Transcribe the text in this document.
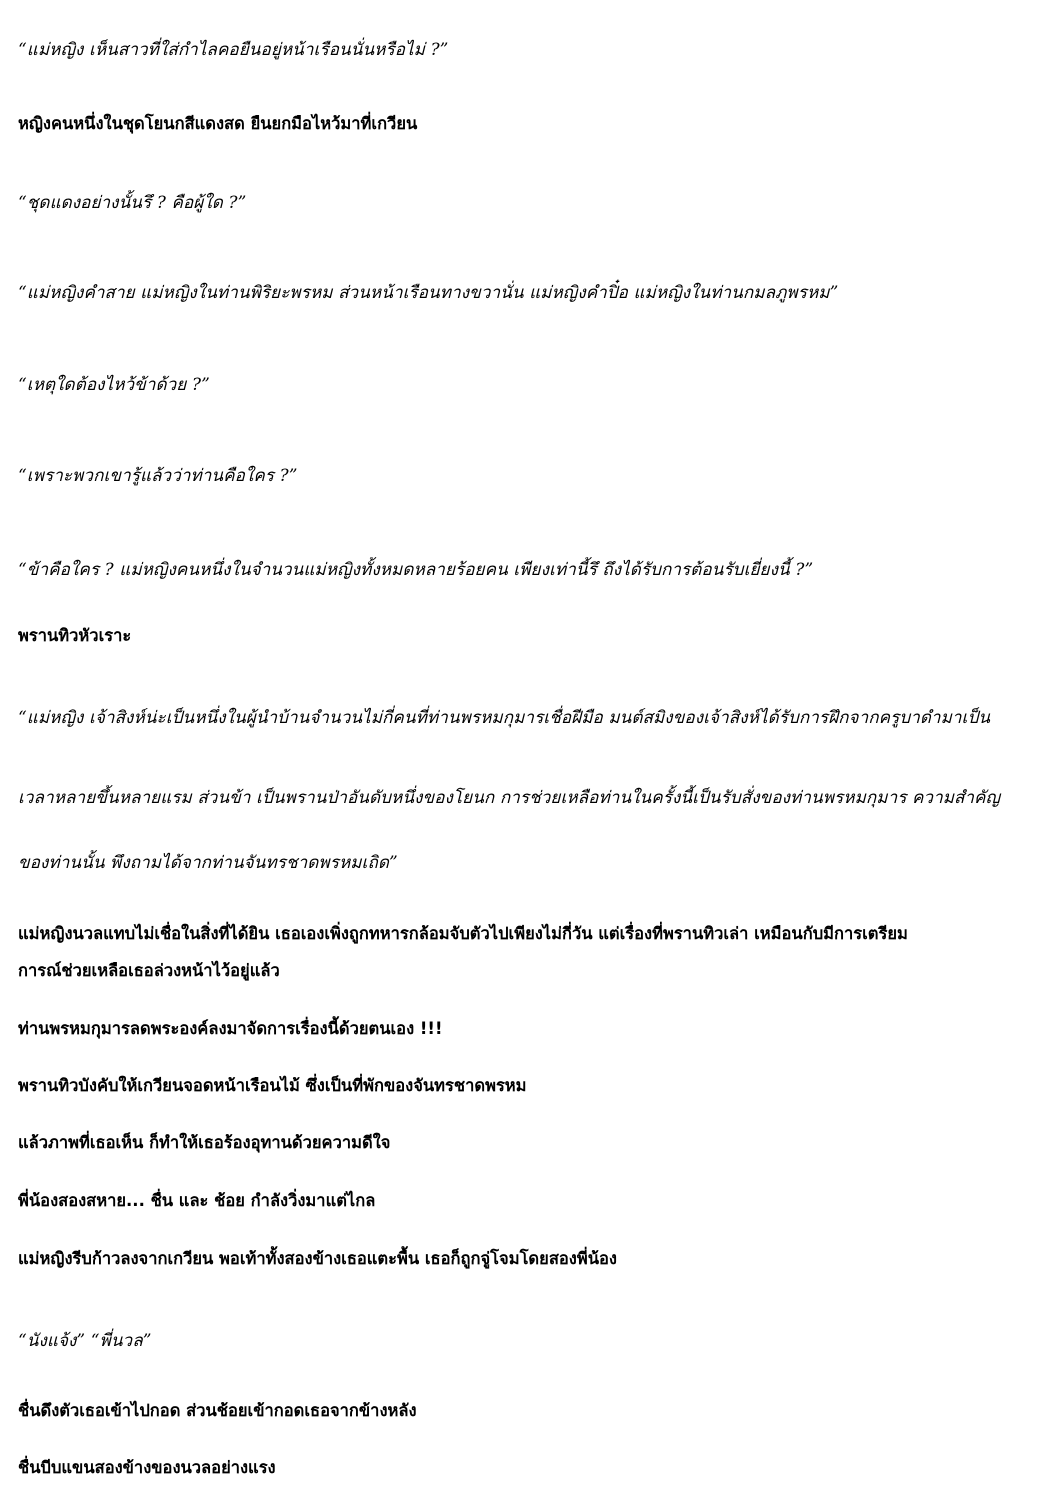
“แม่หญิง เห็นสาวที่ใส่กำไลคอยืนอยู่หน้าเรือนนั่นหรือไม่ ?”
หญิงคนหนึ่งในชุดโยนกสีแดงสด ยืนยกมือไหว้มาที่เกวียน
“ชุดแดงอย่างนั้นรึ ? คือผู้ใด ?”
“แม่หญิงคำสาย แม่หญิงในท่านพิริยะพรหม ส่วนหน้าเรือนทางขวานั่น แม่หญิงคำปิ๋อ แม่หญิงในท่านกมลภูพรหม”
“เหตุใดต้องไหว้ข้าด้วย ?”
“เพราะพวกเขารู้แล้วว่าท่านคือใคร ?”
“ข้าคือใคร ? แม่หญิงคนหนึ่งในจำนวนแม่หญิงทั้งหมดหลายร้อยคน เพียงเท่านี้รึ ถึงได้รับการต้อนรับเยี่ยงนี้ ?”
พรานทิวหัวเราะ
“แม่หญิง เจ้าสิงห์น่ะเป็นหนึ่งในผู้นำบ้านจำนวนไม่กี่คนที่ท่านพรหมกุมารเชื่อฝีมือ มนต์สมิงของเจ้าสิงห์ได้รับการฝึกจากครูบาดำมาเป็น
เวลาหลายขึ้นหลายแรม ส่วนข้า เป็นพรานป่าอันดับหนึ่งของโยนก การช่วยเหลือท่านในครั้งนี้เป็นรับสั่งของท่านพรหมกุมาร ความสำคัญ
ของท่านนั้น พึงถามได้จากท่านจันทรชาดพรหมเถิด”
แม่หญิงนวลแทบไม่เชื่อในสิ่งที่ได้ยิน เธอเองเพิ่งถูกทหารกล้อมจับตัวไปเพียงไม่กี่วัน แต่เรื่องที่พรานทิวเล่า เหมือนกับมีการเตรียม
การณ์ช่วยเหลือเธอล่วงหน้าไว้อยู่แล้ว
ท่านพรหมกุมารลดพระองค์ลงมาจัดการเรื่องนี้ด้วยตนเอง !!!
พรานทิวบังคับให้เกวียนจอดหน้าเรือนไม้ ซึ่งเป็นที่พักของจันทรชาดพรหม
แล้วภาพที่เธอเห็น ก็ทำให้เธอร้องอุทานด้วยความดีใจ
พี่น้องสองสหาย... ชื่น และ ช้อย กำลังวิ่งมาแต่ไกล
แม่หญิงรีบก้าวลงจากเกวียน พอเท้าทั้งสองข้างเธอแตะพื้น เธอก็ถูกจู่โจมโดยสองพี่น้อง
“นังแจ้ง” “พี่นวล”
ชื่นดึงตัวเธอเข้าไปกอด ส่วนช้อยเข้ากอดเธอจากข้างหลัง
ชื่นบีบแขนสองข้างของนวลอย่างแรง
